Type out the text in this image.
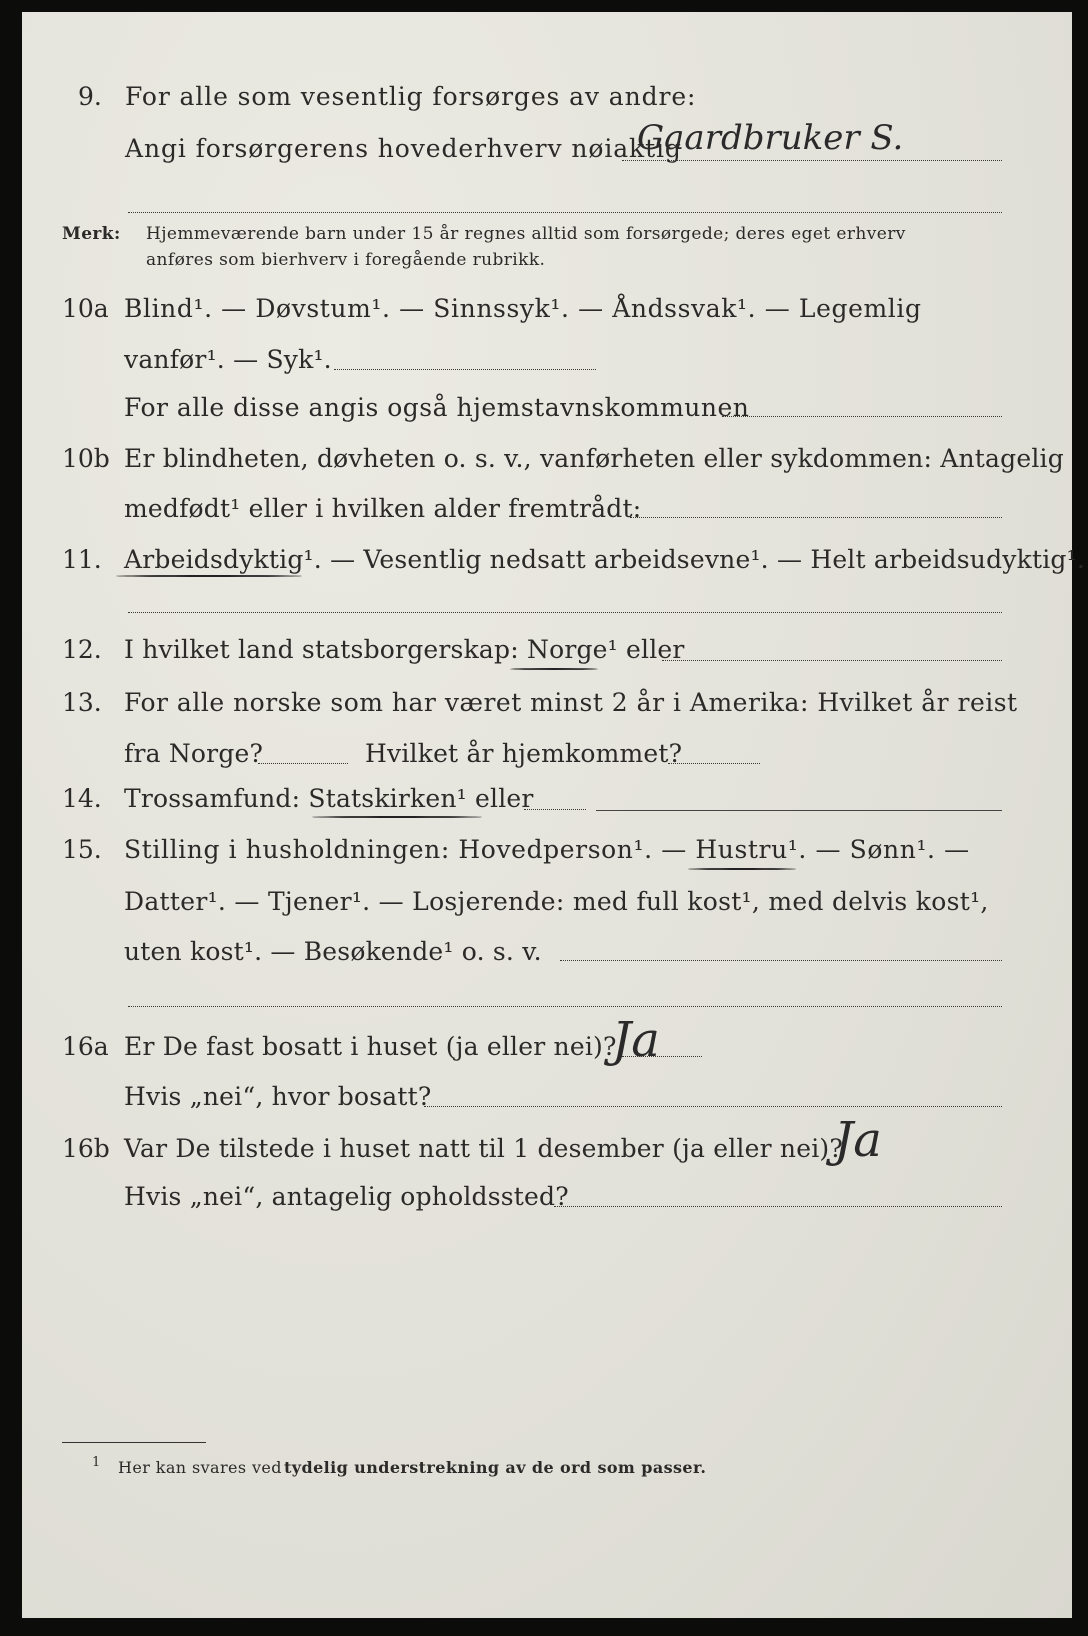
9. For alle som vesentlig forsørges av andre:
Angi forsørgerens hovederhverv nøiaktig
Gaardbruker S.
Merk: Hjemmeværende barn under 15 år regnes alltid som forsørgede; deres eget erhverv
anføres som bierhverv i foregående rubrikk.
10a Blind¹. — Døvstum¹. — Sinnssyk¹. — Åndssvak¹. — Legemlig
vanfør¹. — Syk¹.
For alle disse angis også hjemstavnskommunen
10b Er blindheten, døvheten o. s. v., vanførheten eller sykdommen: Antagelig
medfødt¹ eller i hvilken alder fremtrådt:
11. Arbeidsdyktig¹. — Vesentlig nedsatt arbeidsevne¹. — Helt arbeidsudyktig¹.
12. I hvilket land statsborgerskap: Norge¹ eller
13. For alle norske som har været minst 2 år i Amerika: Hvilket år reist
fra Norge?	Hvilket år hjemkommet?
14. Trossamfund: Statskirken¹ eller
15. Stilling i husholdningen: Hovedperson¹. — Hustru¹. — Sønn¹. —
Datter¹. — Tjener¹. — Losjerende: med full kost¹, med delvis kost¹,
uten kost¹. — Besøkende¹ o. s. v.
16a Er De fast bosatt i huset (ja eller nei)?
Ja
Hvis „nei“, hvor bosatt?
16b Var De tilstede i huset natt til 1 desember (ja eller nei)?
Ja
Hvis „nei“, antagelig opholdssted?
1 Her kan svares ved tydelig understrekning av de ord som passer.
